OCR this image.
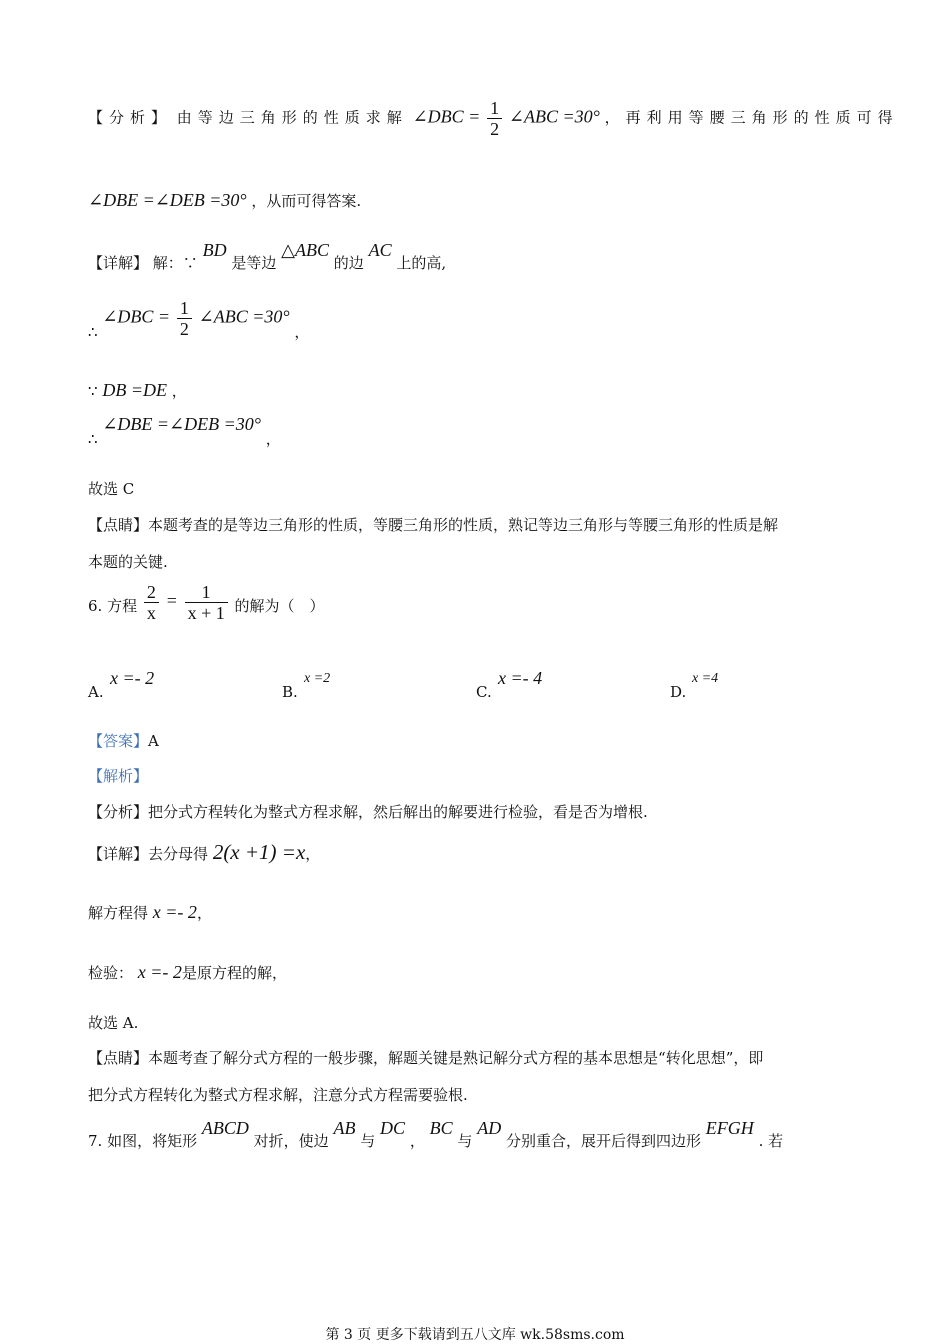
【分析】 由等边三角形的性质求解 ∠DBC = $\frac{1}{2}$ ∠ABC =30° ，再利用等腰三角形的性质可得
∠DBE =∠DEB =30° ，从而可得答案.
【详解】 解：∵ BD 是等边 △ABC 的边 AC 上的高,
∴ ∠DBC = $\frac{1}{2}$ ∠ABC =30° ，
∵ DB =DE ，
∴ ∠DBE =∠DEB =30° ，
故选 C
【点睛】本题考查的是等边三角形的性质，等腰三角形的性质，熟记等边三角形与等腰三角形的性质是解
本题的关键.
6. 方程 $\frac{2}{x} = \frac{1}{x + 1}$ 的解为（　）
A.
x =- 2
B.
x =2
C.
x =- 4
D.
x =4
【答案】A
【解析】
【分析】把分式方程转化为整式方程求解，然后解出的解要进行检验，看是否为增根.
【详解】去分母得 2(x +1) =x，
解方程得 x =- 2，
检验： x =- 2是原方程的解，
故选 A.
【点睛】本题考查了解分式方程的一般步骤，解题关键是熟记解分式方程的基本思想是“转化思想”，即
把分式方程转化为整式方程求解，注意分式方程需要验根.
7. 如图，将矩形 ABCD 对折，使边 AB 与 DC ， BC 与 AD 分别重合，展开后得到四边形 EFGH . 若
第 3 页 更多下载请到五八文库 wk.58sms.com
